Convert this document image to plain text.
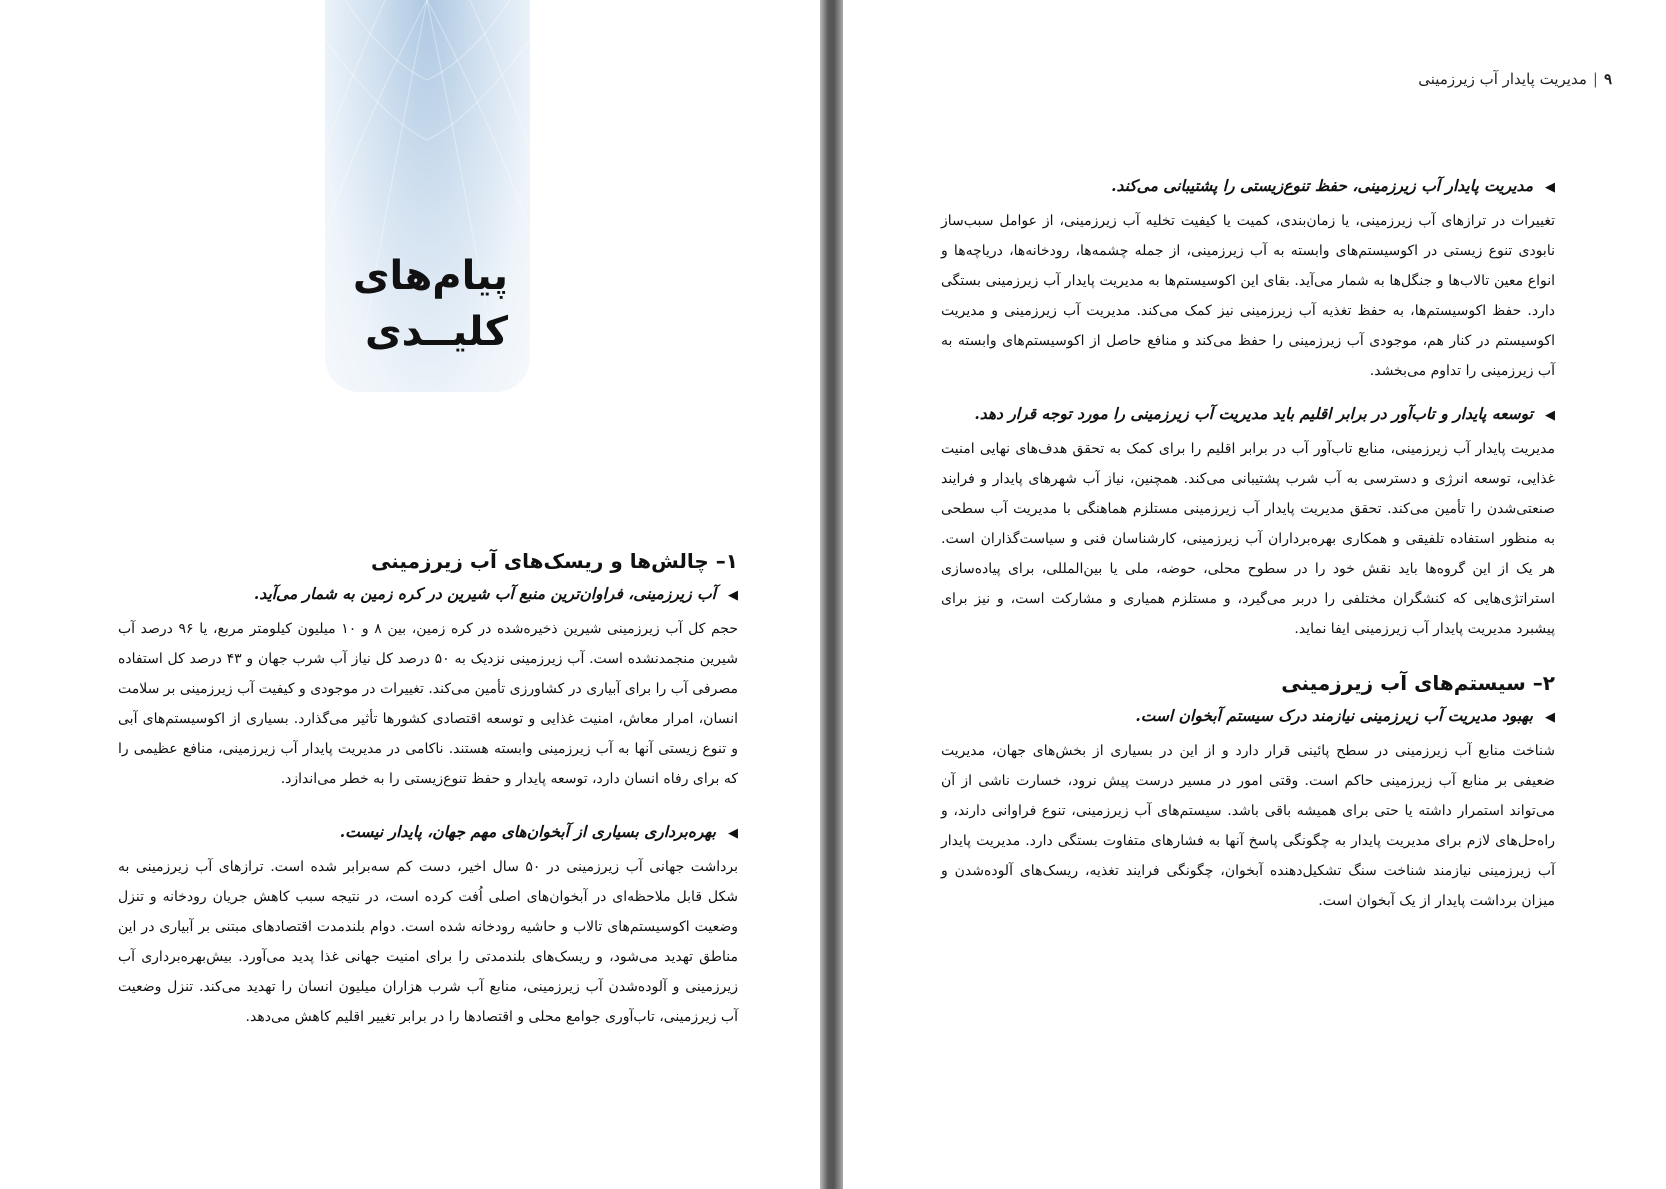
پیام‌های
کلیــدی
۱– چالش‌ها و ریسک‌های آب زیرزمینی
◀آب زیرزمینی، فراوان‌ترین منبع آب شیرین در کره زمین به شمار می‌آید.

حجم کل آب زیرزمینی شیرین ذخیره‌شده در کره زمین، بین ۸ و ۱۰ میلیون کیلومتر مربع، یا ۹۶ درصد آب شیرین منجمدنشده است. آب زیرزمینی نزدیک به ۵۰ درصد کل نیاز آب شرب جهان و ۴۳ درصد کل استفاده مصرفی آب را برای آبیاری در کشاورزی تأمین می‌کند. تغییرات در موجودی و کیفیت آب زیرزمینی بر سلامت انسان، امرار معاش، امنیت غذایی و توسعه اقتصادی کشورها تأثیر می‌گذارد. بسیاری از اکوسیستم‌های آبی و تنوع زیستی آنها به آب زیرزمینی وابسته هستند. ناکامی در مدیریت پایدار آب زیرزمینی، منافع عظیمی را که برای رفاه انسان دارد، توسعه پایدار و حفظ تنوع‌زیستی را به خطر می‌اندازد.

◀بهره‌برداری بسیاری از آبخوان‌های مهم جهان، پایدار نیست.

برداشت جهانی آب زیرزمینی در ۵۰ سال اخیر، دست کم سه‌برابر شده است. ترازهای آب زیرزمینی به شکل قابل ملاحظه‌ای در آبخوان‌های اصلی اُفت کرده است، در نتیجه سبب کاهش جریان رودخانه و تنزل وضعیت اکوسیستم‌های تالاب و حاشیه رودخانه شده است. دوام بلندمدت اقتصادهای مبتنی بر آبیاری در این مناطق تهدید می‌شود، و ریسک‌های بلندمدتی را برای امنیت جهانی غذا پدید می‌آورد. بیش‌بهره‌برداری آب زیرزمینی و آلوده‌شدن آب زیرزمینی، منابع آب شرب هزاران میلیون انسان را تهدید می‌کند. تنزل وضعیت آب زیرزمینی، تاب‌آوری جوامع محلی و اقتصادها را در برابر تغییر اقلیم کاهش می‌دهد.

۹|مدیریت پایدار آب زیرزمینی
◀مدیریت پایدار آب زیرزمینی، حفظ تنوع‌زیستی را پشتیبانی می‌کند.

تغییرات در ترازهای آب زیرزمینی، یا زمان‌بندی، کمیت یا کیفیت تخلیه آب زیرزمینی، از عوامل سبب‌ساز نابودی تنوع زیستی در اکوسیستم‌های وابسته به آب زیرزمینی، از جمله چشمه‌ها، رودخانه‌ها، دریاچه‌ها و انواع معین تالاب‌ها و جنگل‌ها به شمار می‌آید. بقای این اکوسیستم‌ها به مدیریت پایدار آب زیرزمینی بستگی دارد. حفظ اکوسیستم‌ها، به حفظ تغذیه آب زیرزمینی نیز کمک می‌کند. مدیریت آب زیرزمینی و مدیریت اکوسیستم در کنار هم، موجودی آب زیرزمینی را حفظ می‌کند و منافع حاصل از اکوسیستم‌های وابسته به آب زیرزمینی را تداوم می‌بخشد.

◀توسعه پایدار و تاب‌آور در برابر اقلیم باید مدیریت آب زیرزمینی را مورد توجه قرار دهد.

مدیریت پایدار آب زیرزمینی، منابع تاب‌آور آب در برابر اقلیم را برای کمک به تحقق هدف‌های نهایی امنیت غذایی، توسعه انرژی و دسترسی به آب شرب پشتیبانی می‌کند. همچنین، نیاز آب شهرهای پایدار و فرایند صنعتی‌شدن را تأمین می‌کند. تحقق مدیریت پایدار آب زیرزمینی مستلزم هماهنگی با مدیریت آب سطحی به منظور استفاده تلفیقی و همکاری بهره‌برداران آب زیرزمینی، کارشناسان فنی و سیاست‌گذاران است. هر یک از این گروه‌ها باید نقش خود را در سطوح محلی، حوضه، ملی یا بین‌المللی، برای پیاده‌سازی استراتژی‌هایی که کنشگران مختلفی را دربر می‌گیرد، و مستلزم همیاری و مشارکت است، و نیز برای پیشبرد مدیریت پایدار آب زیرزمینی ایفا نماید.

۲– سیستم‌های آب زیرزمینی
◀بهبود مدیریت آب زیرزمینی نیازمند درک سیستم آبخوان است.

شناخت منابع آب زیرزمینی در سطح پائینی قرار دارد و از این در بسیاری از بخش‌های جهان، مدیریت ضعیفی بر منابع آب زیرزمینی حاکم است. وقتی امور در مسیر درست پیش نرود، خسارت ناشی از آن می‌تواند استمرار داشته یا حتی برای همیشه باقی باشد. سیستم‌های آب زیرزمینی، تنوع فراوانی دارند، و راه‌حل‌های لازم برای مدیریت پایدار به چگونگی پاسخ آنها به فشارهای متفاوت بستگی دارد. مدیریت پایدار آب زیرزمینی نیازمند شناخت سنگ تشکیل‌دهنده آبخوان، چگونگی فرایند تغذیه، ریسک‌های آلوده‌شدن و میزان برداشت پایدار از یک آبخوان است.
